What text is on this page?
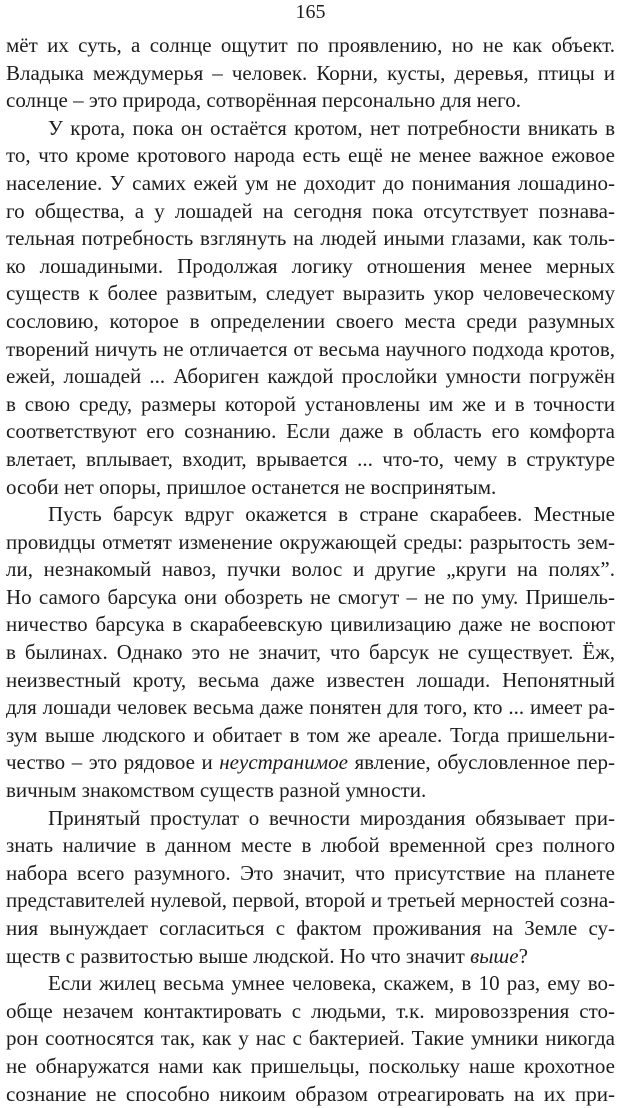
165
мёт их суть, а солнце ощутит по проявлению, но не как объект.
Владыка междумерья – человек. Корни, кусты, деревья, птицы и
солнце – это природа, сотворённая персонально для него.
У крота, пока он остаётся кротом, нет потребности вникать в
то, что кроме кротового народа есть ещё не менее важное ежовое
население. У самих ежей ум не доходит до понимания лошадино-
го общества, а у лошадей на сегодня пока отсутствует познава-
тельная потребность взглянуть на людей иными глазами, как толь-
ко лошадиными. Продолжая логику отношения менее мерных
существ к более развитым, следует выразить укор человеческому
сословию, которое в определении своего места среди разумных
творений ничуть не отличается от весьма научного подхода кротов,
ежей, лошадей ... Абориген каждой прослойки умности погружён
в свою среду, размеры которой установлены им же и в точности
соответствуют его сознанию. Если даже в область его комфорта
влетает, вплывает, входит, врывается ... что-то, чему в структуре
особи нет опоры, пришлое останется не воспринятым.
Пусть барсук вдруг окажется в стране скарабеев. Местные
провидцы отметят изменение окружающей среды: разрытость зем-
ли, незнакомый навоз, пучки волос и другие „круги на полях”.
Но самого барсука они обозреть не смогут – не по уму. Пришель-
ничество барсука в скарабеевскую цивилизацию даже не воспоют
в былинах. Однако это не значит, что барсук не существует. Ёж,
неизвестный кроту, весьма даже известен лошади. Непонятный
для лошади человек весьма даже понятен для того, кто ... имеет ра-
зум выше людского и обитает в том же ареале. Тогда пришельни-
чество – это рядовое и неустранимое явление, обусловленное пер-
вичным знакомством существ разной умности.
Принятый простулат о вечности мироздания обязывает при-
знать наличие в данном месте в любой временной срез полного
набора всего разумного. Это значит, что присутствие на планете
представителей нулевой, первой, второй и третьей мерностей созна-
ния вынуждает согласиться с фактом проживания на Земле су-
ществ с развитостью выше людской. Но что значит выше?
Если жилец весьма умнее человека, скажем, в 10 раз, ему во-
обще незачем контактировать с людьми, т.к. мировоззрения сто-
рон соотносятся так, как у нас с бактерией. Такие умники никогда
не обнаружатся нами как пришельцы, поскольку наше крохотное
сознание не способно никоим образом отреагировать на их при-
